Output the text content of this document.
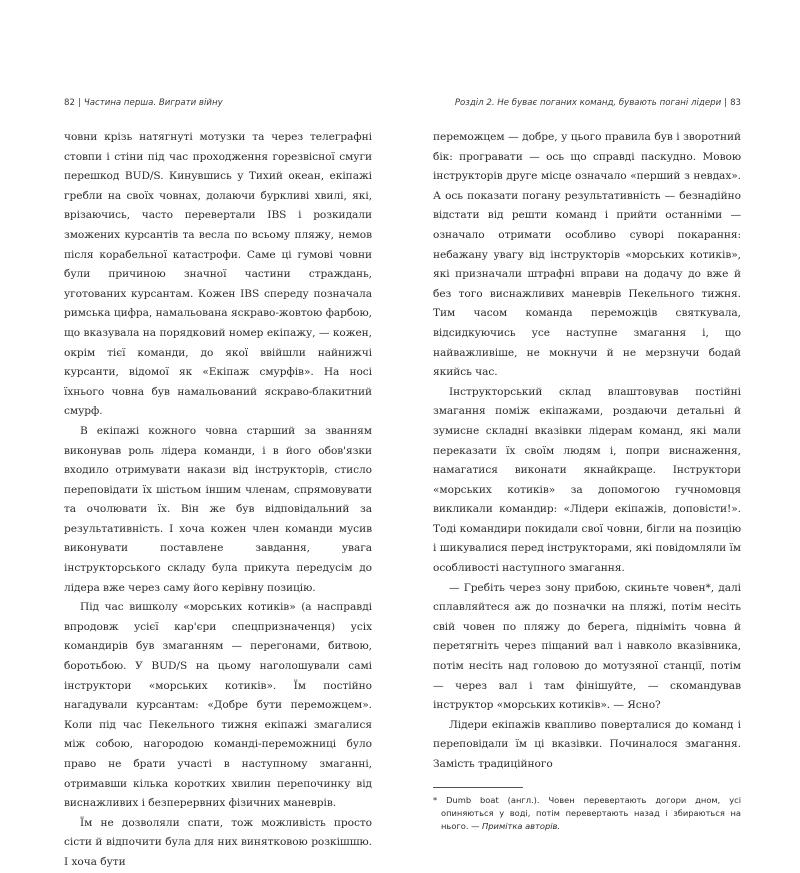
82 | Частина перша. Виграти війну

човни крізь натягнуті мотузки та через телеграфні стовпи і стіни під час проходження горезвісної смуги перешкод BUD/S. Кинувшись у Тихий океан, екіпажі гребли на своїх човнах, долаючи буркливі хвилі, які, врізаючись, часто перевертали IBS і розкидали зможених курсантів та весла по всьому пляжу, немов після корабельної катастрофи. Саме ці гумові човни були причиною значної частини страждань, уготованих курсантам. Кожен IBS спереду позначала римська цифра, намальована яскраво-жовтою фарбою, що вказувала на порядковий номер екіпажу, — кожен, окрім тієї команди, до якої ввійшли найнижчі курсанти, відомої як «Екіпаж смурфів». На носі їхнього човна був намальований яскраво-блакитний смурф.

В екіпажі кожного човна старший за званням виконував роль лідера команди, і в його обов'язки входило отримувати накази від інструкторів, стисло переповідати їх шістьом іншим членам, спрямовувати та очолювати їх. Він же був відповідальний за результативність. І хоча кожен член команди мусив виконувати поставлене завдання, увага інструкторського складу була прикута передусім до лідера вже через саму його керівну позицію.

Під час вишколу «морських котиків» (а насправді впродовж усієї кар'єри спецпризначенця) усіх командирів був змаганням — перегонами, битвою, боротьбою. У BUD/S на цьому наголошували самі інструктори «морських котиків». Їм постійно нагадували курсантам: «Добре бути переможцем». Коли під час Пекельного тижня екіпажі змагалися між собою, нагородою команді-переможниці було право не брати участі в наступному змаганні, отримавши кілька коротких хвилин перепочинку від виснажливих і безперервних фізичних маневрів.

Їм не дозволяли спати, тож можливість просто сісти й відпочити була для них винятковою розкішшю. І хоча бути

Розділ 2. Не буває поганих команд, бувають погані лідери | 83

переможцем — добре, у цього правила був і зворотний бік: програвати — ось що справді паскудно. Мовою інструкторів друге місце означало «перший з невдах». А ось показати погану результативність — безнадійно відстати від решти команд і прийти останніми — означало отримати особливо суворі покарання: небажану увагу від інструкторів «морських котиків», які призначали штрафні вправи на додачу до вже й без того виснажливих маневрів Пекельного тижня. Тим часом команда переможців святкувала, відсидкуючись усе наступне змагання і, що найважливіше, не мокнучи й не мерзнучи бодай якийсь час.

Інструкторський склад влаштовував постійні змагання поміж екіпажами, роздаючи детальні й зумисне складні вказівки лідерам команд, які мали переказати їх своїм людям і, попри виснаження, намагатися виконати якнайкраще. Інструктори «морських котиків» за допомогою гучномовця викликали командир: «Лідери екіпажів, доповісти!». Тоді командири покидали свої човни, бігли на позицію і шикувалися перед інструкторами, які повідомляли їм особливості наступного змагання.

— Гребіть через зону прибою, скиньте човен*, далі сплавляйтеся аж до позначки на пляжі, потім несіть свій човен по пляжу до берега, підніміть човна й перетягніть через піщаний вал і навколо вказівника, потім несіть над головою до мотузяної станції, потім — через вал і там фінішуйте, — скомандував інструктор «морських котиків». — Ясно?

Лідери екіпажів квапливо поверталися до команд і переповідали їм ці вказівки. Починалося змагання. Замість традиційного

* Dumb boat (англ.). Човен перевертають догори дном, усі опиняються у воді, потім перевертають назад і збираються на нього. — Примітка авторів.
